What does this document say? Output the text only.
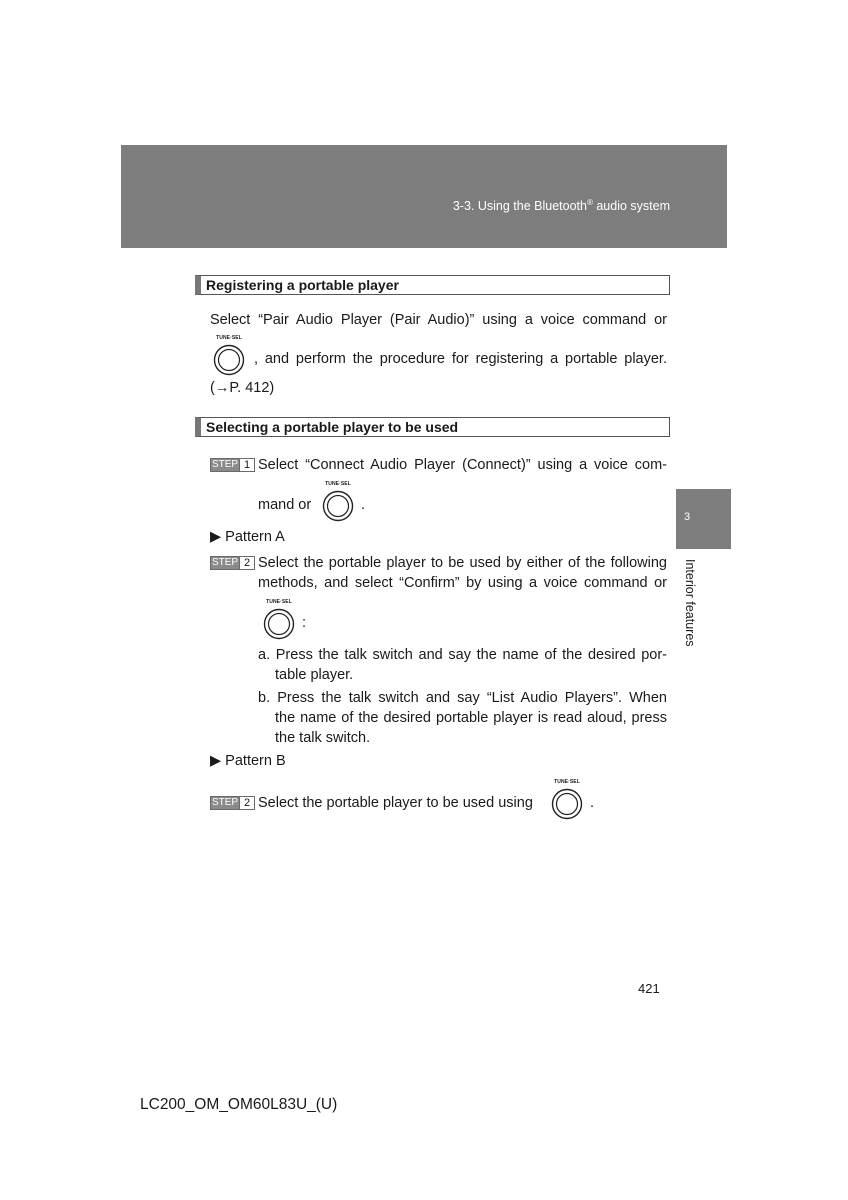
3-3. Using the Bluetooth® audio system
3
Interior features
Registering a portable player
Select “Pair Audio Player (Pair Audio)” using a voice command or
TUNE·SEL
, and perform the procedure for registering a portable player.
(→P. 412)
Selecting a portable player to be used
STEP 1 Select “Connect Audio Player (Connect)” using a voice com-
mand or
TUNE·SEL
.
▶ Pattern A
STEP 2 Select the portable player to be used by either of the following
methods, and select “Confirm” by using a voice command or
TUNE·SEL
:
a. Press the talk switch and say the name of the desired por-
table player.
b. Press the talk switch and say “List Audio Players”. When
the name of the desired portable player is read aloud, press
the talk switch.
▶ Pattern B
STEP 2 Select the portable player to be used using
TUNE·SEL
.
421
LC200_OM_OM60L83U_(U)
